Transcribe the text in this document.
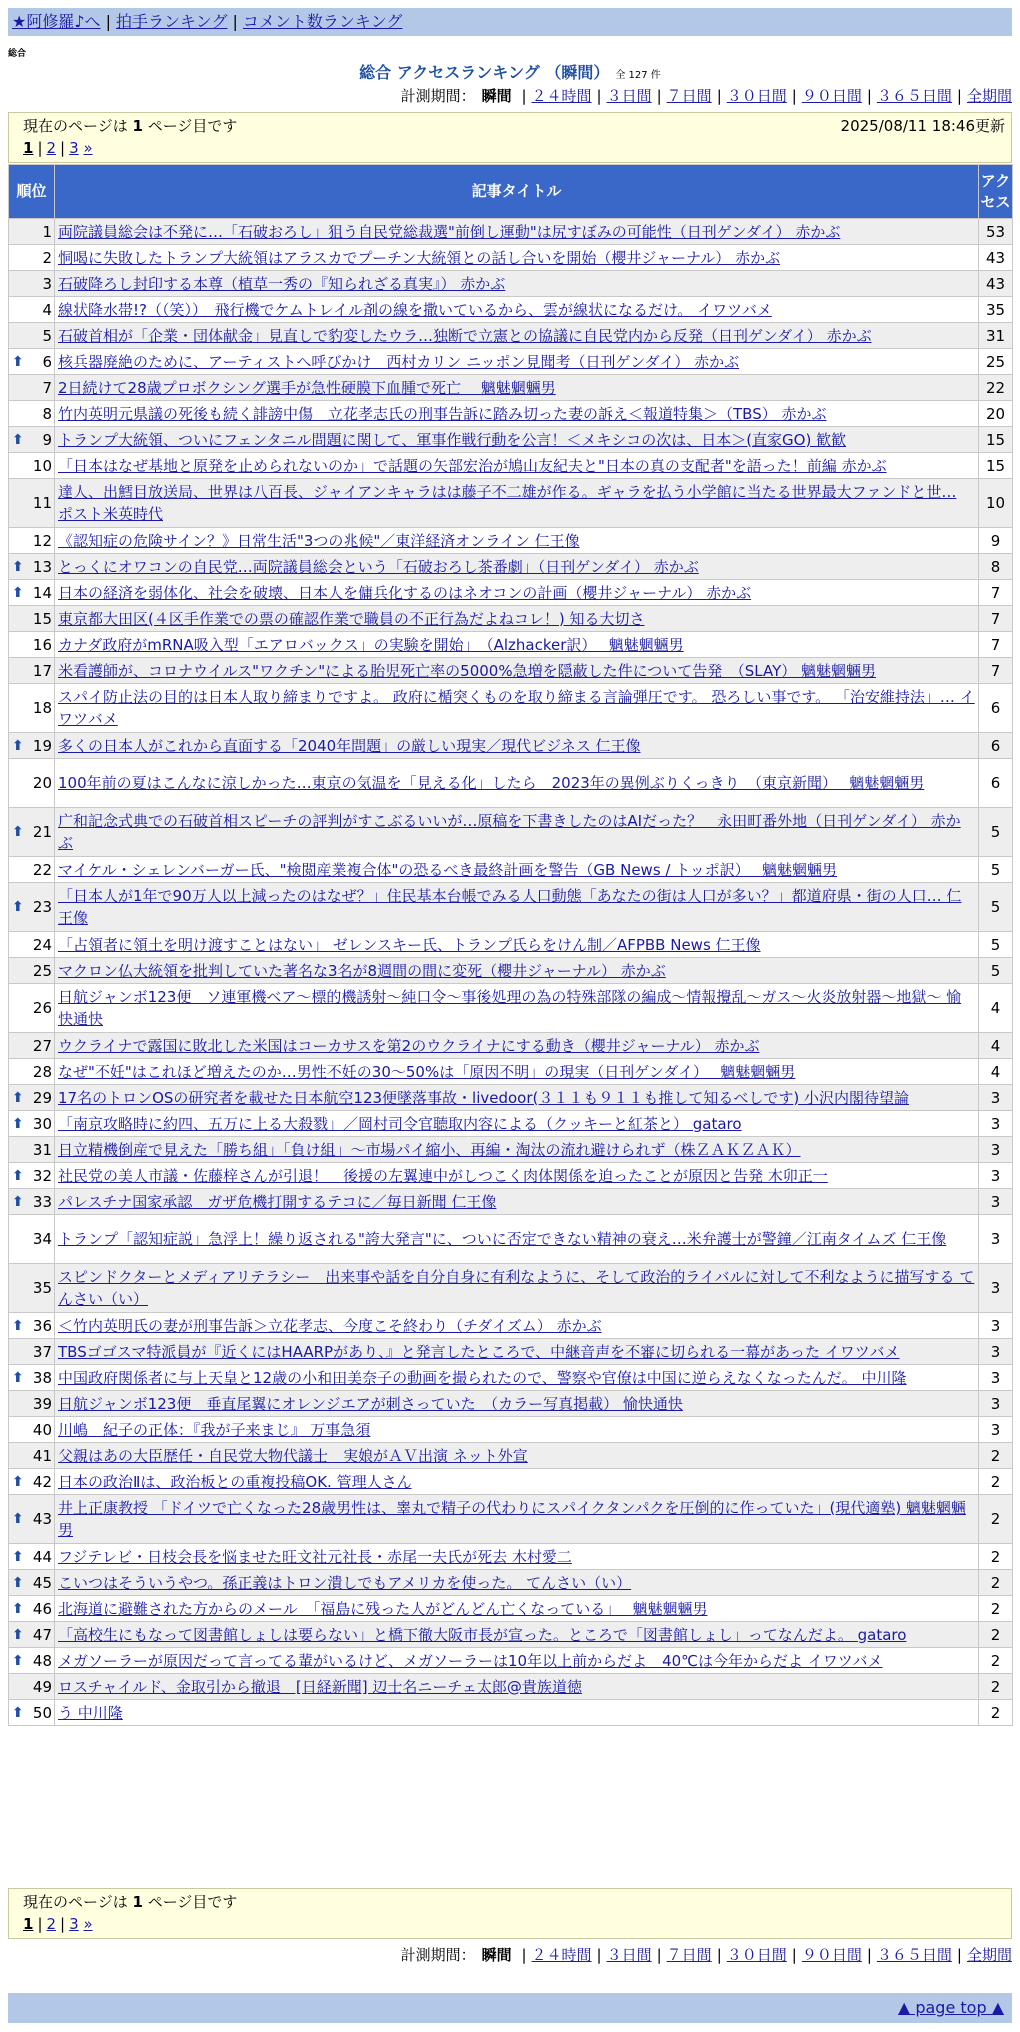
★阿修羅♪へ | 拍手ランキング | コメント数ランキング
総合
総合 アクセスランキング （瞬間） 全 127 件
計測期間： 瞬間 | ２４時間 | ３日間 | ７日間 | ３０日間 | ９０日間 | ３６５日間 | 全期間
現在のページは 1 ページ目です	2025/08/11 18:46更新
1 | 2 | 3 »
順位	記事タイトル	アクセス
1	両院議員総会は不発に…「石破おろし」狙う自民党総裁選"前倒し運動"は尻すぼみの可能性（日刊ゲンダイ） 赤かぶ	53
2	恫喝に失敗したトランプ大統領はアラスカでプーチン大統領との話し合いを開始（櫻井ジャーナル） 赤かぶ	43
3	石破降ろし封印する本尊（植草一秀の『知られざる真実』） 赤かぶ	43
4	線状降水帯!?（（笑））　飛行機でケムトレイル剤の線を撒いているから、雲が線状になるだけ。 イワツバメ	35
5	石破首相が「企業・団体献金」見直しで豹変したウラ…独断で立憲との協議に自民党内から反発（日刊ゲンダイ） 赤かぶ	31

⬆ 6	核兵器廃絶のために、アーティストへ呼びかけ　西村カリン ニッポン見聞考（日刊ゲンダイ） 赤かぶ	25
7	2日続けて28歳プロボクシング選手が急性硬膜下血腫で死亡　 魑魅魍魎男	22
8	竹内英明元県議の死後も続く誹謗中傷　立花孝志氏の刑事告訴に踏み切った妻の訴え＜報道特集＞（TBS） 赤かぶ	20

⬆ 9	トランプ大統領、ついにフェンタニル問題に関して、軍事作戦行動を公言！＜メキシコの次は、日本＞(直家GO) 歓歓	15
10	「日本はなぜ基地と原発を止められないのか」で話題の矢部宏治が鳩山友紀夫と"日本の真の支配者"を語った！前編 赤かぶ	15
11	達人、出鱈目放送局、世界は八百長、ジャイアンキャラはは藤子不二雄が作る。ギャラを払う小学館に当たる世界最大ファンドと世… ポスト米英時代	10
12	《認知症の危険サイン？》日常生活"3つの兆候"／東洋経済オンライン 仁王像	9

⬆ 13	とっくにオワコンの自民党…両院議員総会という「石破おろし茶番劇」（日刊ゲンダイ） 赤かぶ	8

⬆ 14	日本の経済を弱体化、社会を破壊、日本人を傭兵化するのはネオコンの計画（櫻井ジャーナル） 赤かぶ	7
15	東京都大田区(４区手作業での票の確認作業で職員の不正行為だよねコレ！) 知る大切さ	7
16	カナダ政府がmRNA吸入型「エアロバックス」の実験を開始」　（Alzhacker訳）　 魑魅魍魎男	7
17	米看護師が、コロナウイルス"ワクチン"による胎児死亡率の5000%急増を隠蔽した件について告発　（SLAY） 魑魅魍魎男	7
18	スパイ防止法の目的は日本人取り締まりですよ。 政府に楯突くものを取り締まる言論弾圧です。 恐ろしい事です。 「治安維持法」… イワツバメ	6

⬆ 19	多くの日本人がこれから直面する「2040年問題」の厳しい現実／現代ビジネス 仁王像	6
20	100年前の夏はこんなに涼しかった…東京の気温を「見える化」したら　2023年の異例ぶりくっきり　（東京新聞）　 魑魅魍魎男	6

⬆ 21	广和記念式典での石破首相スピーチの評判がすこぶるいいが…原稿を下書きしたのはAIだった？　永田町番外地（日刊ゲンダイ） 赤かぶ	5
22	マイケル・シェレンバーガー氏、"検閲産業複合体"の恐るべき最終計画を警告（GB News / トッポ訳）　 魑魅魍魎男	5

⬆ 23	「日本人が1年で90万人以上減ったのはなぜ？」住民基本台帳でみる人口動態「あなたの街は人口が多い？」都道府県・街の人口… 仁王像	5
24	「占領者に領土を明け渡すことはない」 ゼレンスキー氏、トランプ氏らをけん制／AFPBB News 仁王像	5
25	マクロン仏大統領を批判していた著名な3名が8週間の間に変死（櫻井ジャーナル） 赤かぶ	5
26	日航ジャンボ123便　ソ連軍機ベア～標的機誘射～純口令～事後処理の為の特殊部隊の編成～情報攪乱～ガス～火炎放射器～地獄～ 愉快通快	4
27	ウクライナで露国に敗北した米国はコーカサスを第2のウクライナにする動き（櫻井ジャーナル） 赤かぶ	4
28	なぜ"不妊"はこれほど増えたのか…男性不妊の30～50%は「原因不明」の現実（日刊ゲンダイ）　 魑魅魍魎男	4

⬆ 29	17名のトロンOSの研究者を載せた日本航空123便墜落事故・livedoor(３１１も９１１も推して知るべしです) 小沢内閣待望論	3

⬆ 30	「南京攻略時に約四、五万に上る大殺戮」／岡村司令官聴取内容による（クッキーと紅茶と） gataro	3
31	日立精機倒産で見えた「勝ち組」「負け組」～市場パイ縮小、再編・淘汰の流れ避けられず（株ＺＡＫＺＡＫ）	3

⬆ 32	社民党の美人市議・佐藤梓さんが引退！　後援の左翼連中がしつこく肉体関係を迫ったことが原因と告発 木卯正一	3

⬆ 33	パレスチナ国家承認　ガザ危機打開するテコに／毎日新聞 仁王像	3
34	トランプ「認知症説」急浮上！繰り返される"誇大発言"に、ついに否定できない精神の衰え…米弁護士が警鐘／江南タイムズ 仁王像	3
35	スピンドクターとメディアリテラシー　出来事や話を自分自身に有利なように、そして政治的ライバルに対して不利なように描写する てんさい（い）	3

⬆ 36	＜竹内英明氏の妻が刑事告訴＞立花孝志、今度こそ終わり（チダイズム） 赤かぶ	3
37	TBSゴゴスマ特派員が『近くにはHAARPがあり、』と発言したところで、中継音声を不審に切られる一幕があった イワツバメ	3

⬆ 38	中国政府関係者に与上天皇と12歳の小和田美奈子の動画を撮られたので、警察や官僚は中国に逆らえなくなったんだ。 中川隆	3
39	日航ジャンボ123便　垂直尾翼にオレンジエアが刺さっていた　（カラー写真掲載） 愉快通快	3
40	川嶋　紀子の正体：『我が子来まじ』 万事急須	3
41	父親はあの大臣歴任・自民党大物代議士　実娘がＡＶ出演 ネット外宣	2

⬆ 42	日本の政治Ⅱは、政治板との重複投稿OK. 管理人さん	2

⬆ 43	井上正康教授 「ドイツで亡くなった28歳男性は、睾丸で精子の代わりにスパイクタンパクを圧倒的に作っていた」(現代適塾) 魑魅魍魎男	2

⬆ 44	フジテレビ・日枝会長を悩ませた旺文社元社長・赤尾一夫氏が死去 木村愛二	2

⬆ 45	こいつはそういうやつ。孫正義はトロン潰しでもアメリカを使った。 てんさい（い）	2

⬆ 46	北海道に避難された方からのメール　「福島に残った人がどんどん亡くなっている」　 魑魅魍魎男	2

⬆ 47	「高校生にもなって図書館しょしは要らない」と橋下徹大阪市長が宣った。ところで「図書館しょし」ってなんだよ。 gataro	2

⬆ 48	メガソーラーが原因だって言ってる輩がいるけど、メガソーラーは10年以上前からだよ　40℃は今年からだよ イワツバメ	2
49	ロスチャイルド、金取引から撤退　[日経新聞] 辺士名ニーチェ太郎@貴族道徳	2

⬆ 50	う 中川隆	2
現在のページは 1 ページ目です
1 | 2 | 3 »
計測期間： 瞬間 | ２４時間 | ３日間 | ７日間 | ３０日間 | ９０日間 | ３６５日間 | 全期間
▲ page top ▲
